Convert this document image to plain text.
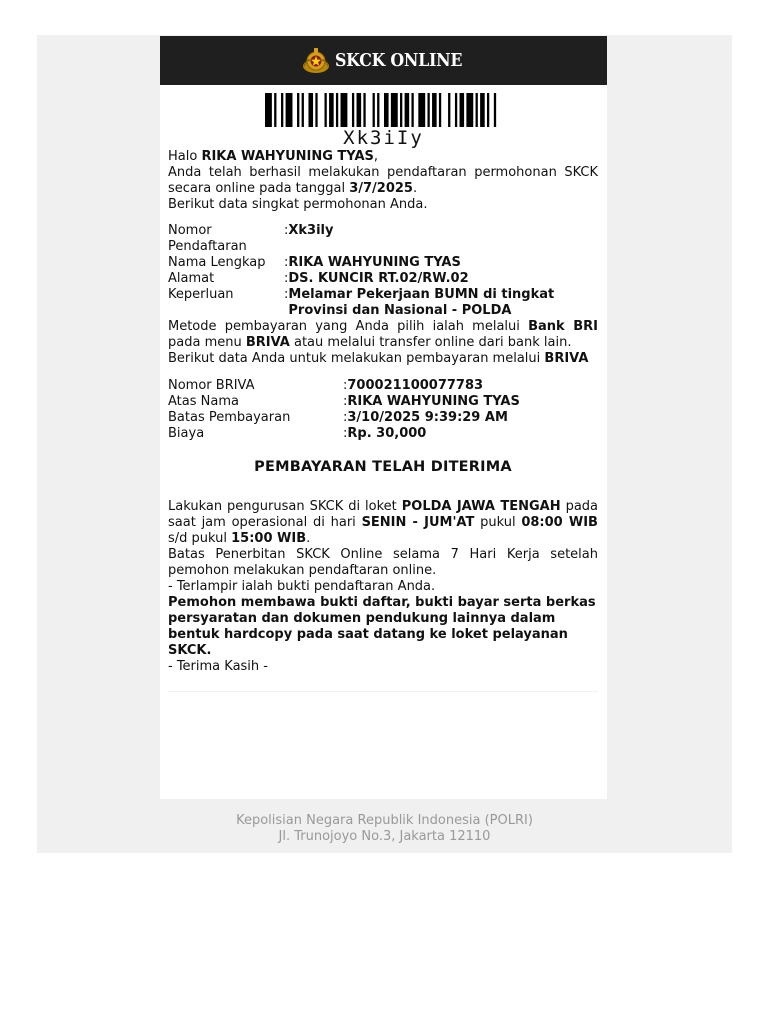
SKCK ONLINE
Xk3iIy

Halo RIKA WAHYUNING TYAS,

Anda telah berhasil melakukan pendaftaran permohonan SKCK secara online pada tanggal 3/7/2025.

Berikut data singkat permohonan Anda.

Nomor Pendaftaran	:	Xk3ily
Nama Lengkap	:	RIKA WAHYUNING TYAS
Alamat	:	DS. KUNCIR RT.02/RW.02
Keperluan	:	Melamar Pekerjaan BUMN di tingkat Provinsi dan Nasional - POLDA

Metode pembayaran yang Anda pilih ialah melalui Bank BRI pada menu BRIVA atau melalui transfer online dari bank lain.

Berikut data Anda untuk melakukan pembayaran melalui BRIVA

Nomor BRIVA	:	700021100077783
Atas Nama	:	RIKA WAHYUNING TYAS
Batas Pembayaran	:	3/10/2025 9:39:29 AM
Biaya	:	Rp. 30,000
PEMBAYARAN TELAH DITERIMA

Lakukan pengurusan SKCK di loket POLDA JAWA TENGAH pada saat jam operasional di hari SENIN - JUM'AT pukul 08:00 WIB s/d pukul 15:00 WIB.

Batas Penerbitan SKCK Online selama 7 Hari Kerja setelah pemohon melakukan pendaftaran online.

- Terlampir ialah bukti pendaftaran Anda.

Pemohon membawa bukti daftar, bukti bayar serta berkas persyaratan dan dokumen pendukung lainnya dalam bentuk hardcopy pada saat datang ke loket pelayanan SKCK.

- Terima Kasih -

Kepolisian Negara Republik Indonesia (POLRI)
Jl. Trunojoyo No.3, Jakarta 12110
